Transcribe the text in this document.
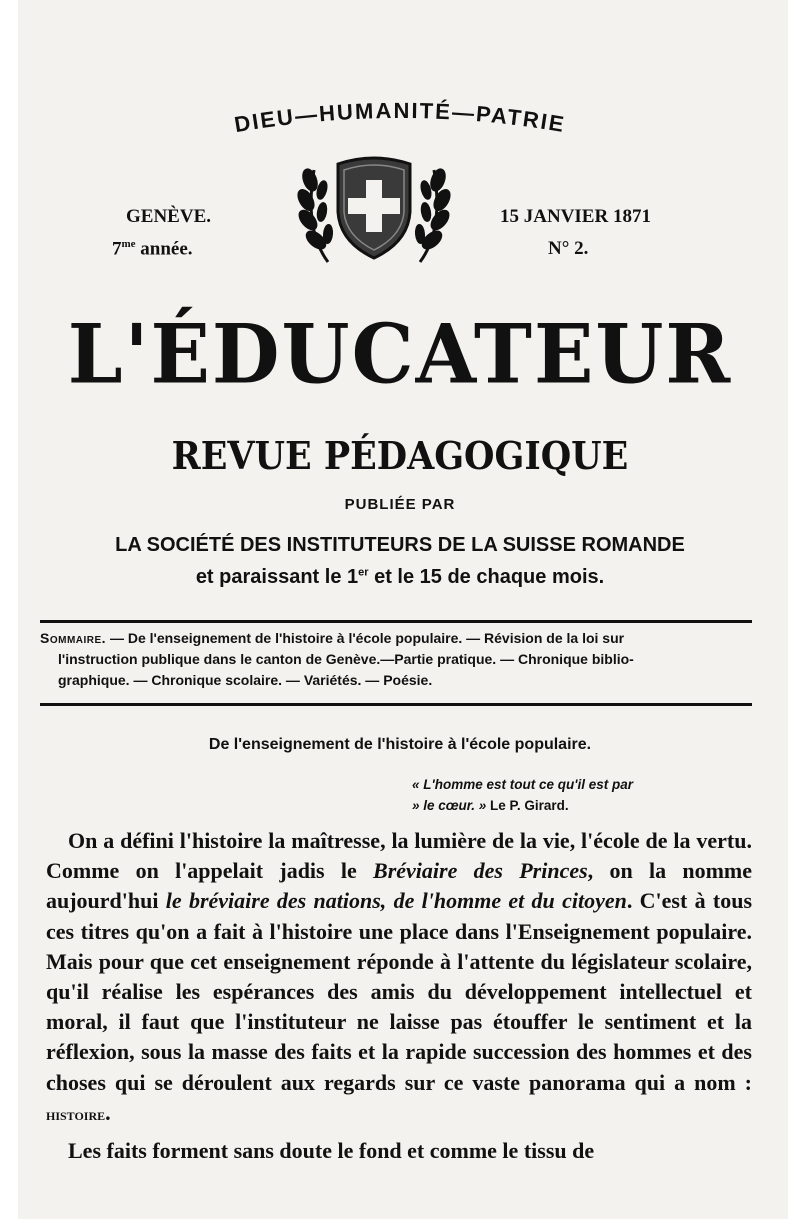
DIEU—HUMANITÉ—PATRIE
GENÈVE.
$7^{me}$ année.
15 JANVIER 1871
N° 2.
L'ÉDUCATEUR
REVUE PÉDAGOGIQUE
PUBLIÉE PAR
LA SOCIÉTÉ DES INSTITUTEURS DE LA SUISSE ROMANDE
et paraissant le 1er et le 15 de chaque mois.
Sommaire. — De l'enseignement de l'histoire à l'école populaire. — Révision de la loi sur
l'instruction publique dans le canton de Genève.—Partie pratique. — Chronique biblio-
graphique. — Chronique scolaire. — Variétés. — Poésie.
De l'enseignement de l'histoire à l'école populaire.
« L'homme est tout ce qu'il est par
» le cœur. » Le P. Girard.

On a défini l'histoire la maîtresse, la lumière de la vie, l'école de la vertu. Comme on l'appelait jadis le Bréviaire des Princes, on la nomme aujourd'hui le bréviaire des nations, de l'homme et du citoyen. C'est à tous ces titres qu'on a fait à l'histoire une place dans l'Enseignement populaire. Mais pour que cet enseignement réponde à l'attente du législateur scolaire, qu'il réalise les espérances des amis du développement intellectuel et moral, il faut que l'instituteur ne laisse pas étouffer le sentiment et la réflexion, sous la masse des faits et la rapide succession des hommes et des choses qui se déroulent aux regards sur ce vaste panorama qui a nom : histoire.

Les faits forment sans doute le fond et comme le tissu de
